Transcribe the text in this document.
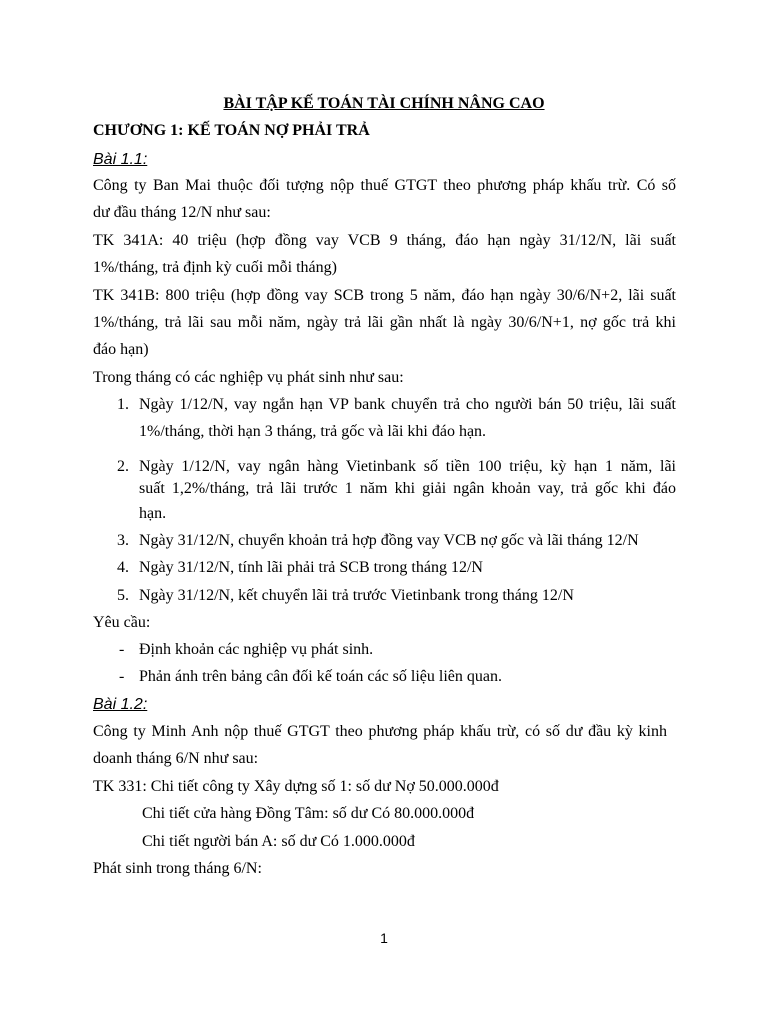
BÀI TẬP KẾ TOÁN TÀI CHÍNH NÂNG CAO
CHƯƠNG 1: KẾ TOÁN NỢ PHẢI TRẢ
Bài 1.1:
Công ty Ban Mai thuộc đối tượng nộp thuế GTGT theo phương pháp khấu trừ. Có số
dư đầu tháng 12/N như sau:
TK 341A: 40 triệu (hợp đồng vay VCB 9 tháng, đáo hạn ngày 31/12/N, lãi suất
1%/tháng, trả định kỳ cuối mỗi tháng)
TK 341B: 800 triệu (hợp đồng vay SCB trong 5 năm, đáo hạn ngày 30/6/N+2, lãi suất
1%/tháng, trả lãi sau mỗi năm, ngày trả lãi gần nhất là ngày 30/6/N+1, nợ gốc trả khi
đáo hạn)
Trong tháng có các nghiệp vụ phát sinh như sau:
1. Ngày 1/12/N, vay ngắn hạn VP bank chuyển trả cho người bán 50 triệu, lãi suất
1%/tháng, thời hạn 3 tháng, trả gốc và lãi khi đáo hạn.
2. Ngày 1/12/N, vay ngân hàng Vietinbank số tiền 100 triệu, kỳ hạn 1 năm, lãi
suất 1,2%/tháng, trả lãi trước 1 năm khi giải ngân khoản vay, trả gốc khi đáo
hạn.
3. Ngày 31/12/N, chuyển khoản trả hợp đồng vay VCB nợ gốc và lãi tháng 12/N
4. Ngày 31/12/N, tính lãi phải trả SCB trong tháng 12/N
5. Ngày 31/12/N, kết chuyển lãi trả trước Vietinbank trong tháng 12/N
Yêu cầu:
- Định khoản các nghiệp vụ phát sinh.
- Phản ánh trên bảng cân đối kế toán các số liệu liên quan.
Bài 1.2:
Công ty Minh Anh nộp thuế GTGT theo phương pháp khấu trừ, có số dư đầu kỳ kinh
doanh tháng 6/N như sau:
TK 331: Chi tiết công ty Xây dựng số 1: số dư Nợ 50.000.000đ
Chi tiết cửa hàng Đồng Tâm: số dư Có 80.000.000đ
Chi tiết người bán A: số dư Có 1.000.000đ
Phát sinh trong tháng 6/N:
1
